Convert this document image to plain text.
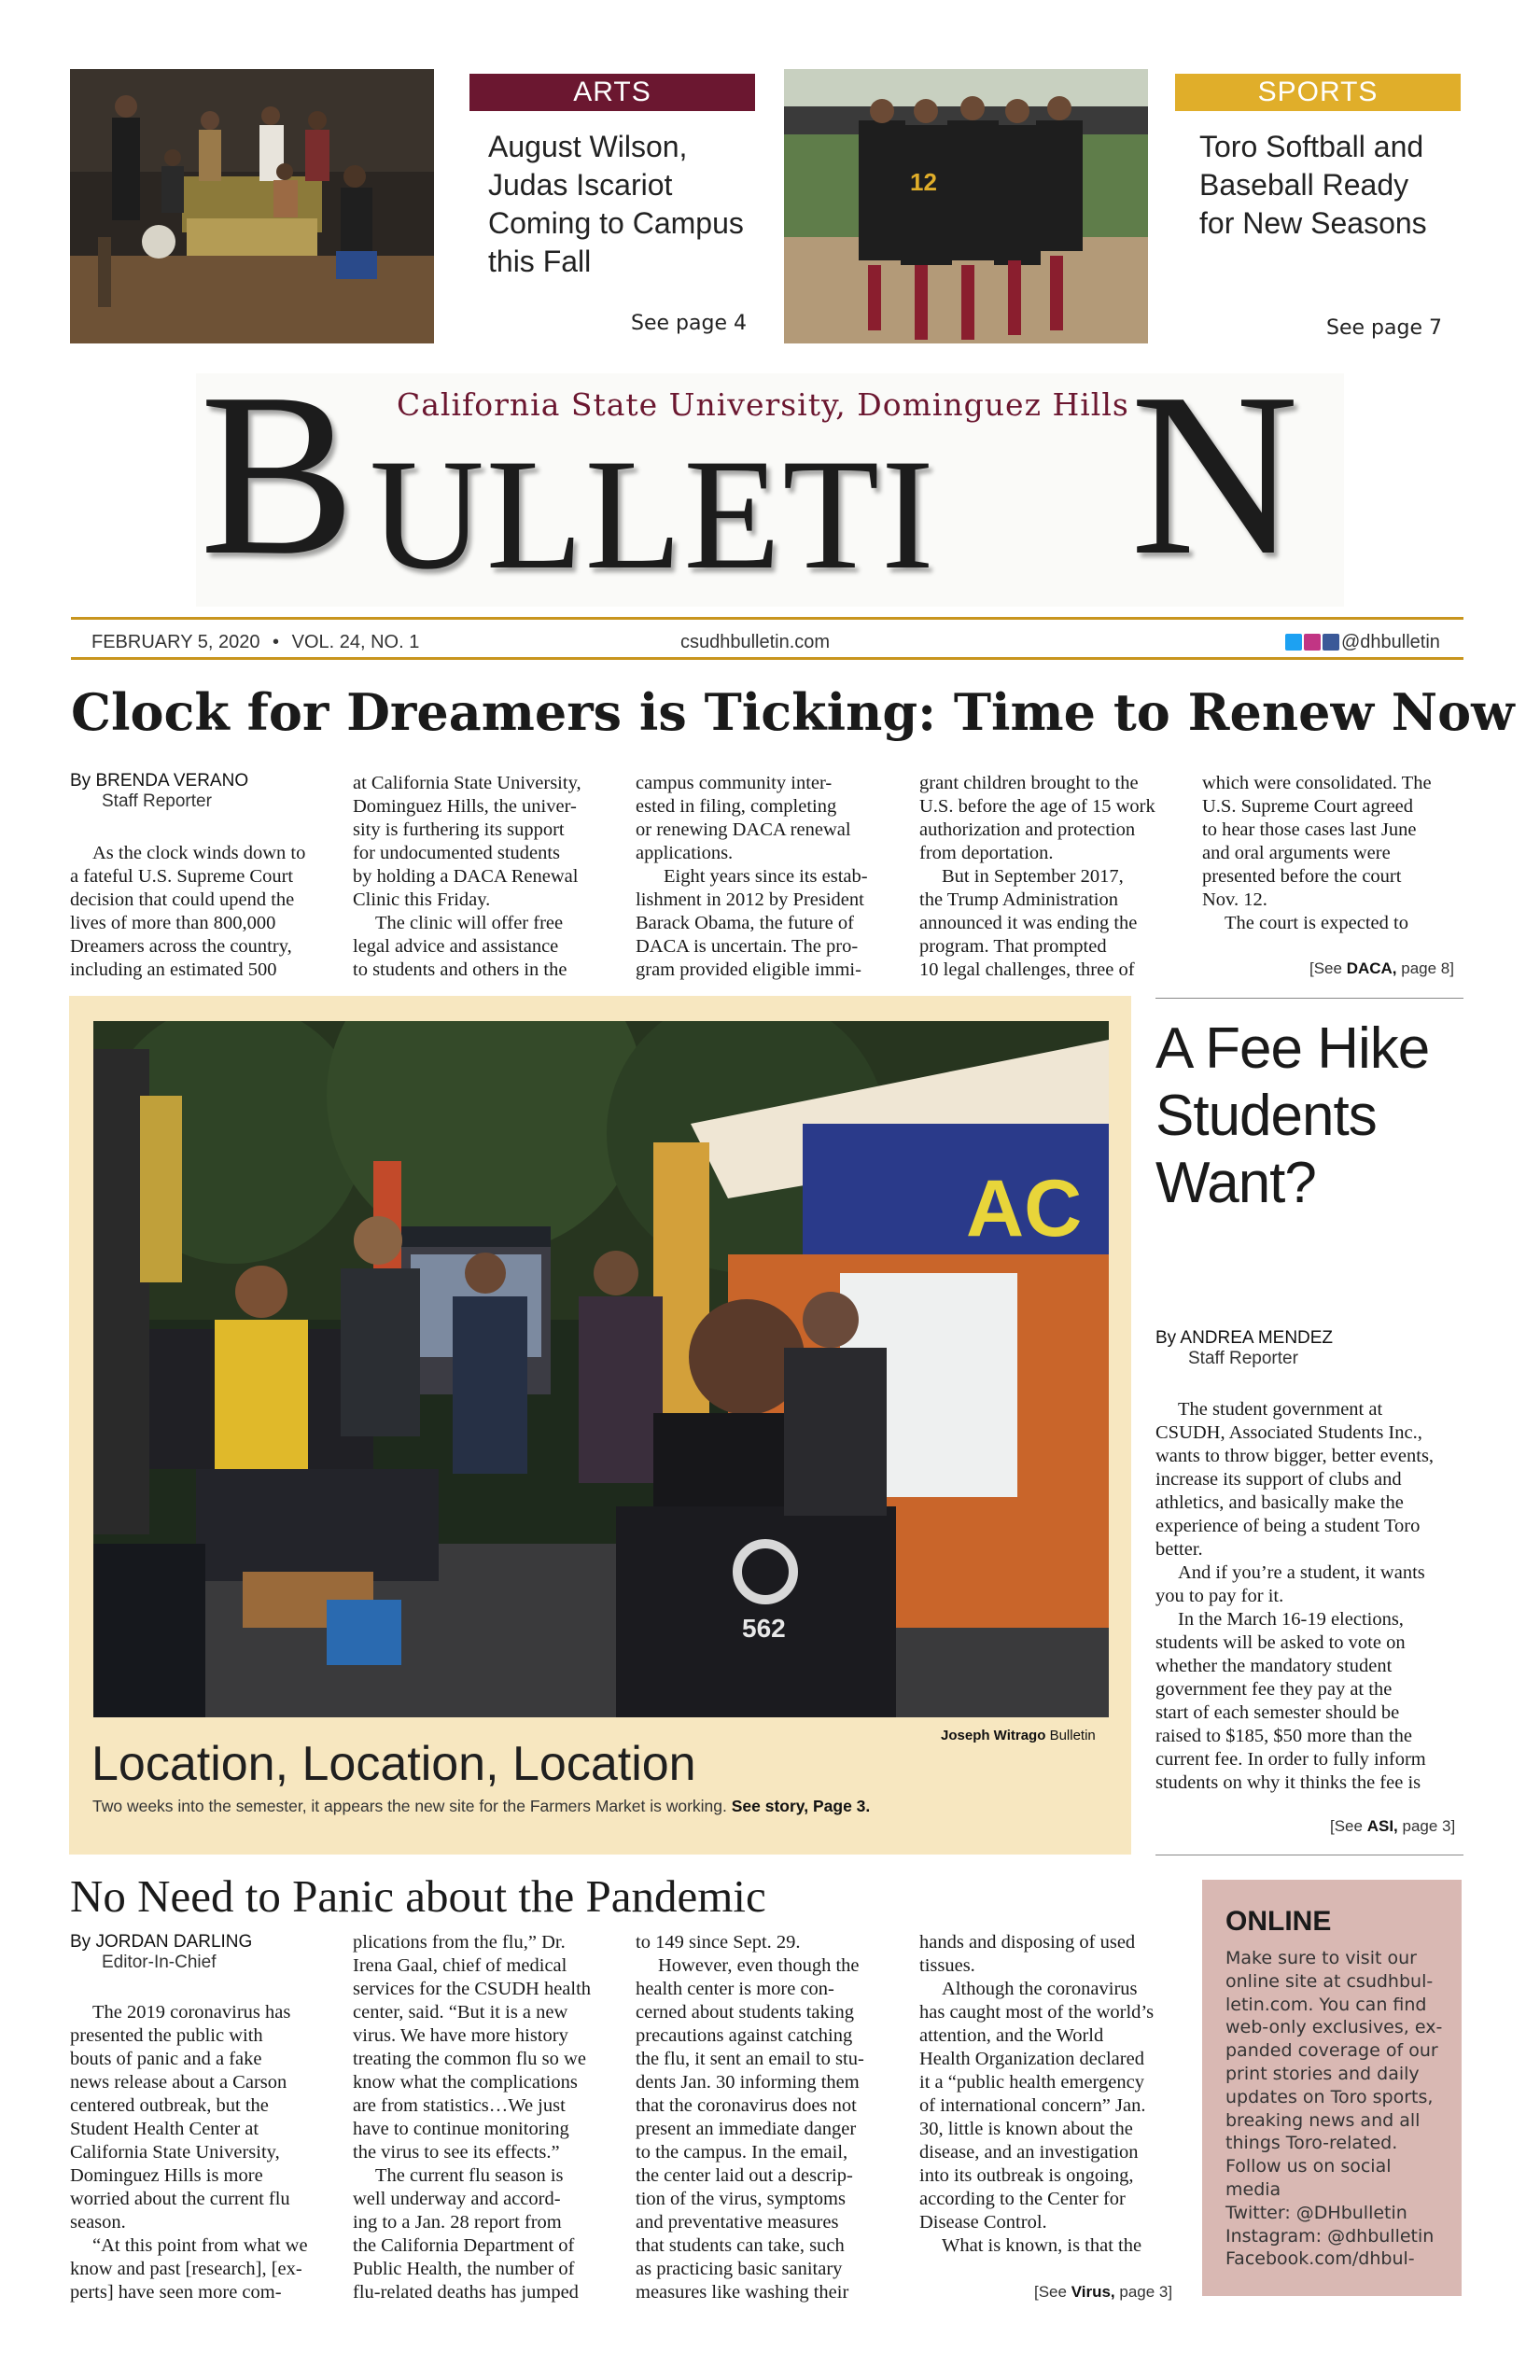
ARTS
August Wilson,
Judas Iscariot
Coming to Campus
this Fall
See page 4
12
SPORTS
Toro Softball and
Baseball Ready
for New Seasons
See page 7
California State University, Dominguez Hills
B ULLETI N
FEBRUARY 5, 2020 • VOL. 24, NO. 1	csudhbulletin.com	@dhbulletin
Clock for Dreamers is Ticking: Time to Renew Now
By BRENDA VERANO
Staff Reporter
As the clock winds down to
a fateful U.S. Supreme Court
decision that could upend the
lives of more than 800,000
Dreamers across the country,
including an estimated 500
at California State University,
Dominguez Hills, the univer-
sity is furthering its support
for undocumented students
by holding a DACA Renewal
Clinic this Friday.
The clinic will offer free
legal advice and assistance
to students and others in the
campus community inter-
ested in filing, completing
or renewing DACA renewal
applications.
Eight years since its estab-
lishment in 2012 by President
Barack Obama, the future of
DACA is uncertain. The pro-
gram provided eligible immi-
grant children brought to the
U.S. before the age of 15 work
authorization and protection
from deportation.
But in September 2017,
the Trump Administration
announced it was ending the
program. That prompted
10 legal challenges, three of
which were consolidated. The
U.S. Supreme Court agreed
to hear those cases last June
and oral arguments were
presented before the court
Nov. 12.
The court is expected to
[See DACA, page 8]
AC
562
Joseph Witrago Bulletin
Location, Location, Location
Two weeks into the semester, it appears the new site for the Farmers Market is working. See story, Page 3.
A Fee Hike
Students
Want?
By ANDREA MENDEZ
Staff Reporter
The student government at
CSUDH, Associated Students Inc.,
wants to throw bigger, better events,
increase its support of clubs and
athletics, and basically make the
experience of being a student Toro
better.
And if you’re a student, it wants
you to pay for it.
In the March 16-19 elections,
students will be asked to vote on
whether the mandatory student
government fee they pay at the
start of each semester should be
raised to $185, $50 more than the
current fee. In order to fully inform
students on why it thinks the fee is
[See ASI, page 3]
No Need to Panic about the Pandemic
By JORDAN DARLING
Editor-In-Chief
The 2019 coronavirus has
presented the public with
bouts of panic and a fake
news release about a Carson
centered outbreak, but the
Student Health Center at
California State University,
Dominguez Hills is more
worried about the current flu
season.
“At this point from what we
know and past [research], [ex-
perts] have seen more com-
plications from the flu,” Dr.
Irena Gaal, chief of medical
services for the CSUDH health
center, said. “But it is a new
virus. We have more history
treating the common flu so we
know what the complications
are from statistics…We just
have to continue monitoring
the virus to see its effects.”
The current flu season is
well underway and accord-
ing to a Jan. 28 report from
the California Department of
Public Health, the number of
flu-related deaths has jumped
to 149 since Sept. 29.
However, even though the
health center is more con-
cerned about students taking
precautions against catching
the flu, it sent an email to stu-
dents Jan. 30 informing them
that the coronavirus does not
present an immediate danger
to the campus. In the email,
the center laid out a descrip-
tion of the virus, symptoms
and preventative measures
that students can take, such
as practicing basic sanitary
measures like washing their
hands and disposing of used
tissues.
Although the coronavirus
has caught most of the world’s
attention, and the World
Health Organization declared
it a “public health emergency
of international concern” Jan.
30, little is known about the
disease, and an investigation
into its outbreak is ongoing,
according to the Center for
Disease Control.
What is known, is that the
[See Virus, page 3]
ONLINE
Make sure to visit our
online site at csudhbul-
letin.com. You can find
web-only exclusives, ex-
panded coverage of our
print stories and daily
updates on Toro sports,
breaking news and all
things Toro-related.
Follow us on social
media
Twitter: @DHbulletin
Instagram: @dhbulletin
Facebook.com/dhbul-
